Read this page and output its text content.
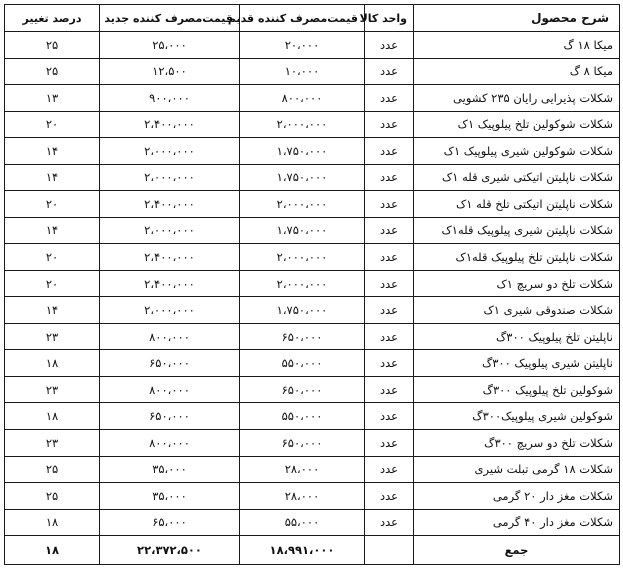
شرح محصول	واحد کالا	قیمت‌مصرف کننده قدیم	قیمت‌مصرف کننده جدید	درصد تغییر
میکا ۱۸ گ	عدد	۲۰،۰۰۰	۲۵،۰۰۰	۲۵
میکا ۸ گ	عدد	۱۰،۰۰۰	۱۲،۵۰۰	۲۵
شکلات پذیرایی رایان ۲۳۵ کشویی	عدد	۸۰۰،۰۰۰	۹۰۰،۰۰۰	۱۳
شکلات شوکولین تلخ پیلوپیک ۱ک	عدد	۲،۰۰۰،۰۰۰	۲،۴۰۰،۰۰۰	۲۰
شکلات شوکولین شیری پیلوپیک ۱ک	عدد	۱،۷۵۰،۰۰۰	۲،۰۰۰،۰۰۰	۱۴
شکلات ناپلیتن اتیکتی شیری قله ۱ک	عدد	۱،۷۵۰،۰۰۰	۲،۰۰۰،۰۰۰	۱۴
شکلات ناپلیتن اتیکتی تلخ قله ۱ک	عدد	۲،۰۰۰،۰۰۰	۲،۴۰۰،۰۰۰	۲۰
شکلات ناپلیتن شیری پیلوپیک قله۱ک	عدد	۱،۷۵۰،۰۰۰	۲،۰۰۰،۰۰۰	۱۴
شکلات ناپلیتن تلخ پیلوپیک قله۱ک	عدد	۲،۰۰۰،۰۰۰	۲،۴۰۰،۰۰۰	۲۰
شکلات تلخ دو سریچ ۱ک	عدد	۲،۰۰۰،۰۰۰	۲،۴۰۰،۰۰۰	۲۰
شکلات صندوقی شیری ۱ک	عدد	۱،۷۵۰،۰۰۰	۲،۰۰۰،۰۰۰	۱۴
ناپلیتن تلخ پیلوپیک ۳۰۰گ	عدد	۶۵۰،۰۰۰	۸۰۰،۰۰۰	۲۳
ناپلیتن شیری پیلوپیک ۳۰۰گ	عدد	۵۵۰،۰۰۰	۶۵۰،۰۰۰	۱۸
شوکولین تلخ پیلوپیک ۳۰۰گ	عدد	۶۵۰،۰۰۰	۸۰۰،۰۰۰	۲۳
شوکولین شیری پیلوپیک۳۰۰گ	عدد	۵۵۰،۰۰۰	۶۵۰،۰۰۰	۱۸
شکلات تلخ دو سریچ ۳۰۰گ	عدد	۶۵۰،۰۰۰	۸۰۰،۰۰۰	۲۳
شکلات ۱۸ گرمی تبلت شیری	عدد	۲۸،۰۰۰	۳۵،۰۰۰	۲۵
شکلات مغز دار ۲۰ گرمی	عدد	۲۸،۰۰۰	۳۵،۰۰۰	۲۵
شکلات مغز دار ۴۰ گرمی	عدد	۵۵،۰۰۰	۶۵،۰۰۰	۱۸
جمع		۱۸،۹۹۱،۰۰۰	۲۲،۳۷۲،۵۰۰	۱۸
